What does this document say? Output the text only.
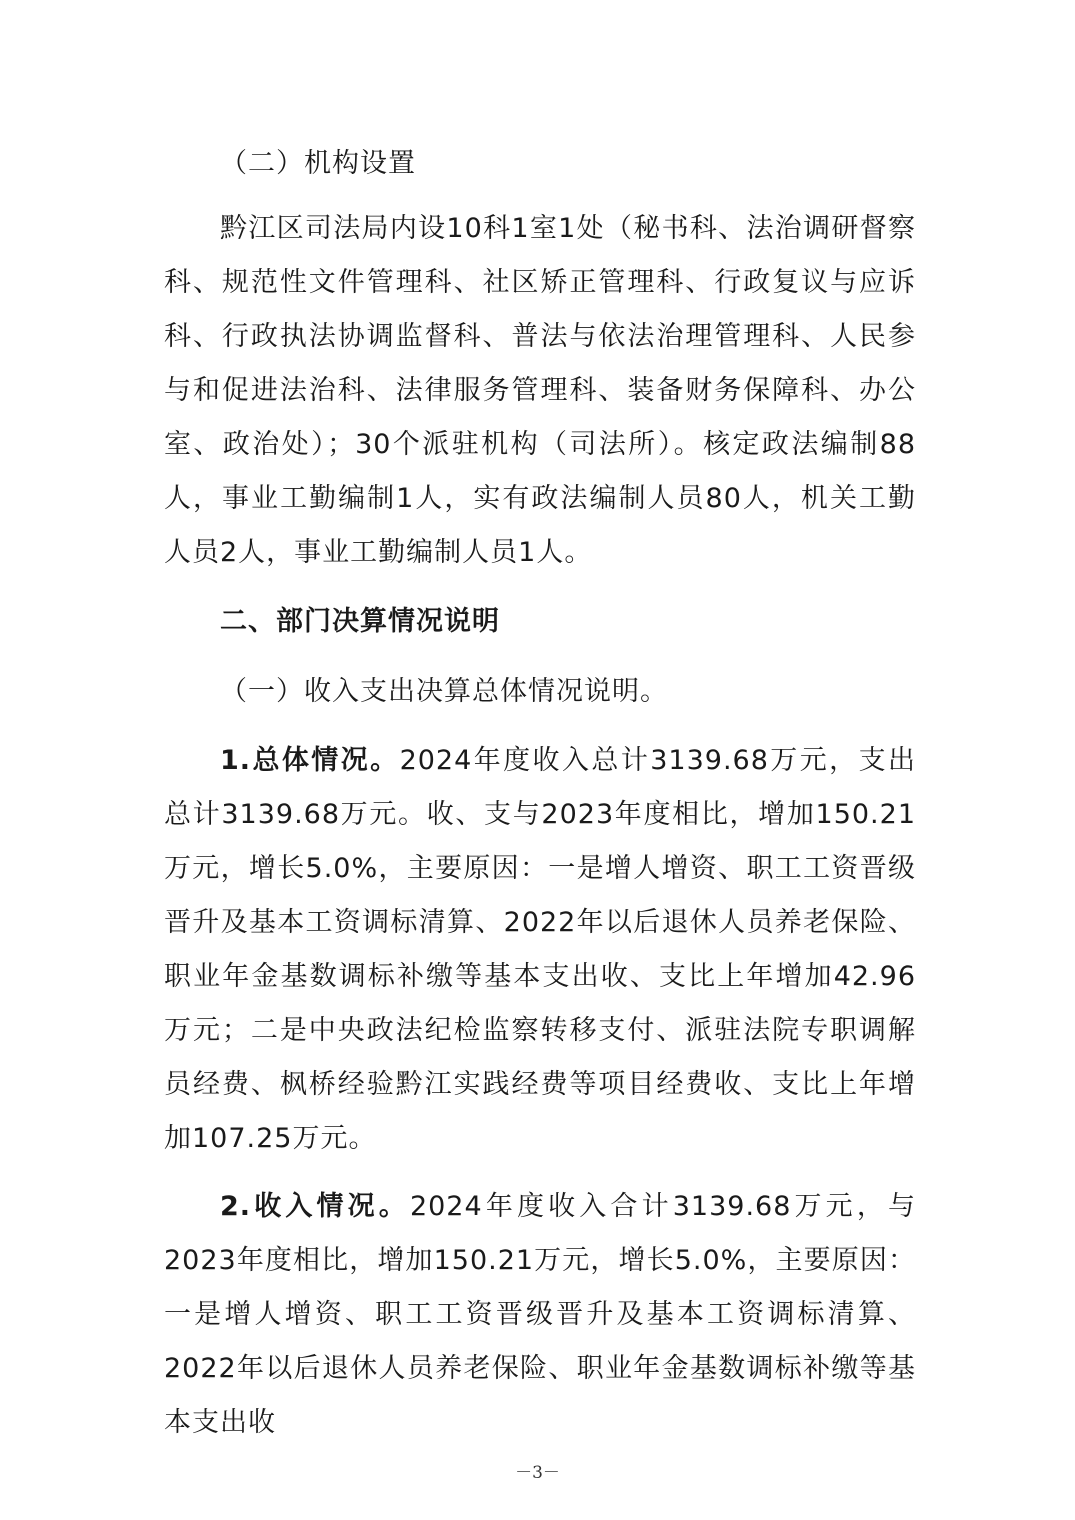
（二）机构设置

黔江区司法局内设10科1室1处（秘书科、法治调研督察科、规范性文件管理科、社区矫正管理科、行政复议与应诉科、行政执法协调监督科、普法与依法治理管理科、人民参与和促进法治科、法律服务管理科、装备财务保障科、办公室、政治处）；30个派驻机构（司法所）。核定政法编制88人，事业工勤编制1人，实有政法编制人员80人，机关工勤人员2人，事业工勤编制人员1人。

二、部门决算情况说明
（一）收入支出决算总体情况说明。

1.总体情况。2024年度收入总计3139.68万元，支出总计3139.68万元。收、支与2023年度相比，增加150.21万元，增长5.0%，主要原因：一是增人增资、职工工资晋级晋升及基本工资调标清算、2022年以后退休人员养老保险、职业年金基数调标补缴等基本支出收、支比上年增加42.96万元；二是中央政法纪检监察转移支付、派驻法院专职调解员经费、枫桥经验黔江实践经费等项目经费收、支比上年增加107.25万元。

2.收入情况。2024年度收入合计3139.68万元，与2023年度相比，增加150.21万元，增长5.0%，主要原因：一是增人增资、职工工资晋级晋升及基本工资调标清算、2022年以后退休人员养老保险、职业年金基数调标补缴等基本支出收

－3－
